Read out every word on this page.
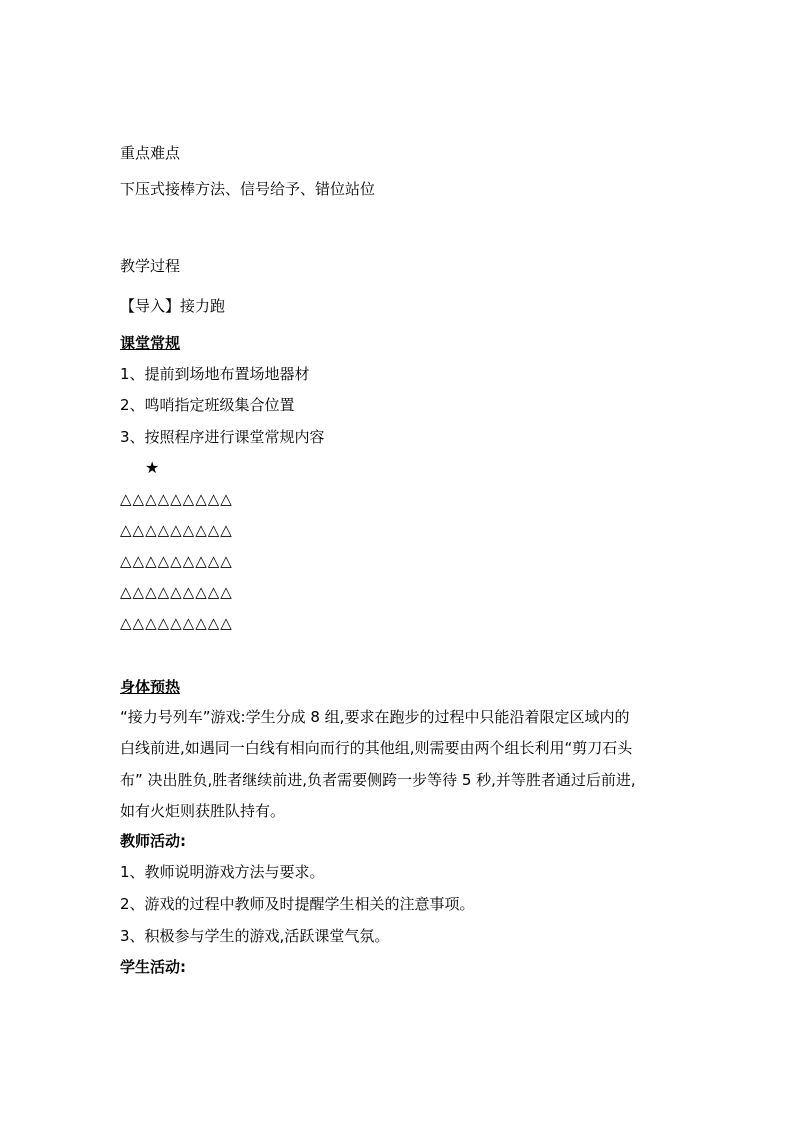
重点难点
下压式接棒方法、信号给予、错位站位
教学过程
【导入】接力跑
课堂常规
1、提前到场地布置场地器材
2、鸣哨指定班级集合位置
3、按照程序进行课堂常规内容
★
△△△△△△△△△
△△△△△△△△△
△△△△△△△△△
△△△△△△△△△
△△△△△△△△△
身体预热
“接力号列车”游戏:学生分成 8 组,要求在跑步的过程中只能沿着限定区域内的
白线前进,如遇同一白线有相向而行的其他组,则需要由两个组长利用“剪刀石头
布” 决出胜负,胜者继续前进,负者需要侧跨一步等待 5 秒,并等胜者通过后前进,
如有火炬则获胜队持有。
教师活动:
1、教师说明游戏方法与要求。
2、游戏的过程中教师及时提醒学生相关的注意事项。
3、积极参与学生的游戏,活跃课堂气氛。
学生活动:
